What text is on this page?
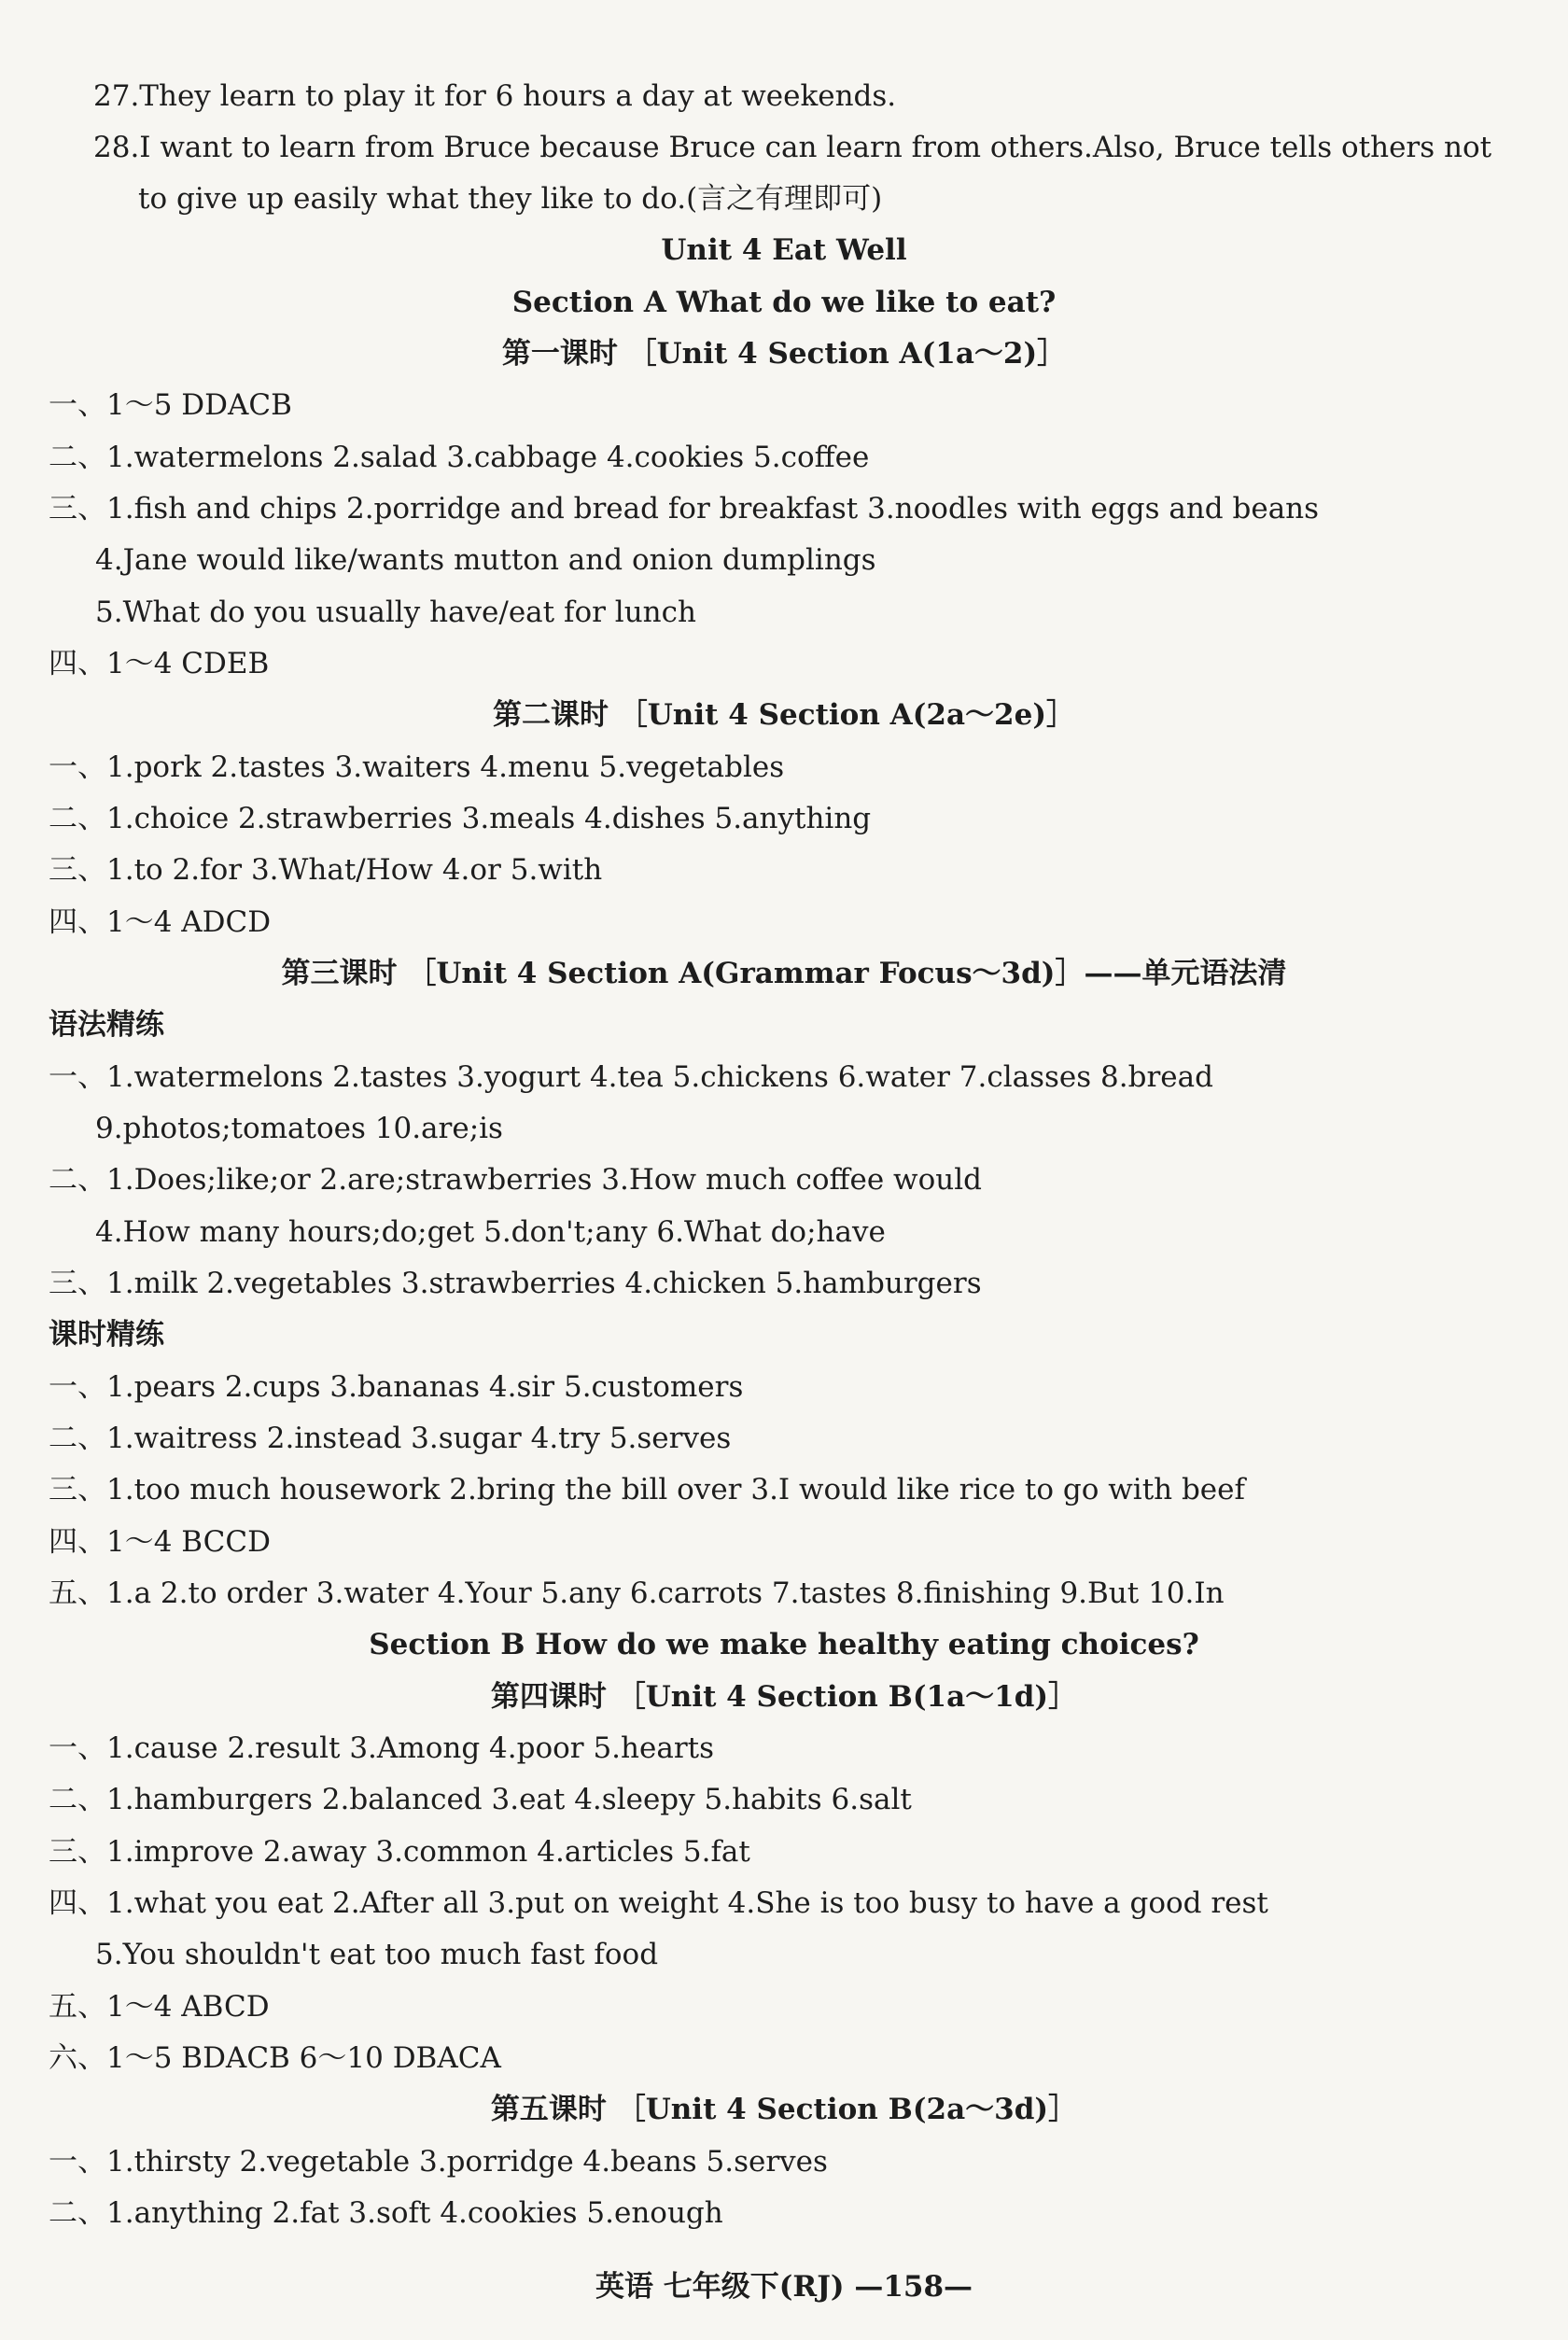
27.They learn to play it for 6 hours a day at weekends.
28.I want to learn from Bruce because Bruce can learn from others.Also, Bruce tells others not
to give up easily what they like to do.(言之有理即可)
Unit 4 Eat Well
Section A What do we like to eat?
第一课时 ［Unit 4 Section A(1a～2)］
一、1～5 DDACB
二、1.watermelons 2.salad 3.cabbage 4.cookies 5.coffee
三、1.fish and chips 2.porridge and bread for breakfast 3.noodles with eggs and beans
4.Jane would like/wants mutton and onion dumplings
5.What do you usually have/eat for lunch
四、1～4 CDEB
第二课时 ［Unit 4 Section A(2a～2e)］
一、1.pork 2.tastes 3.waiters 4.menu 5.vegetables
二、1.choice 2.strawberries 3.meals 4.dishes 5.anything
三、1.to 2.for 3.What/How 4.or 5.with
四、1～4 ADCD
第三课时 ［Unit 4 Section A(Grammar Focus～3d)］——单元语法清
语法精练
一、1.watermelons 2.tastes 3.yogurt 4.tea 5.chickens 6.water 7.classes 8.bread
9.photos;tomatoes 10.are;is
二、1.Does;like;or 2.are;strawberries 3.How much coffee would
4.How many hours;do;get 5.don't;any 6.What do;have
三、1.milk 2.vegetables 3.strawberries 4.chicken 5.hamburgers
课时精练
一、1.pears 2.cups 3.bananas 4.sir 5.customers
二、1.waitress 2.instead 3.sugar 4.try 5.serves
三、1.too much housework 2.bring the bill over 3.I would like rice to go with beef
四、1～4 BCCD
五、1.a 2.to order 3.water 4.Your 5.any 6.carrots 7.tastes 8.finishing 9.But 10.In
Section B How do we make healthy eating choices?
第四课时 ［Unit 4 Section B(1a～1d)］
一、1.cause 2.result 3.Among 4.poor 5.hearts
二、1.hamburgers 2.balanced 3.eat 4.sleepy 5.habits 6.salt
三、1.improve 2.away 3.common 4.articles 5.fat
四、1.what you eat 2.After all 3.put on weight 4.She is too busy to have a good rest
5.You shouldn't eat too much fast food
五、1～4 ABCD
六、1～5 BDACB 6～10 DBACA
第五课时 ［Unit 4 Section B(2a～3d)］
一、1.thirsty 2.vegetable 3.porridge 4.beans 5.serves
二、1.anything 2.fat 3.soft 4.cookies 5.enough
英语 七年级下(RJ) —158—
